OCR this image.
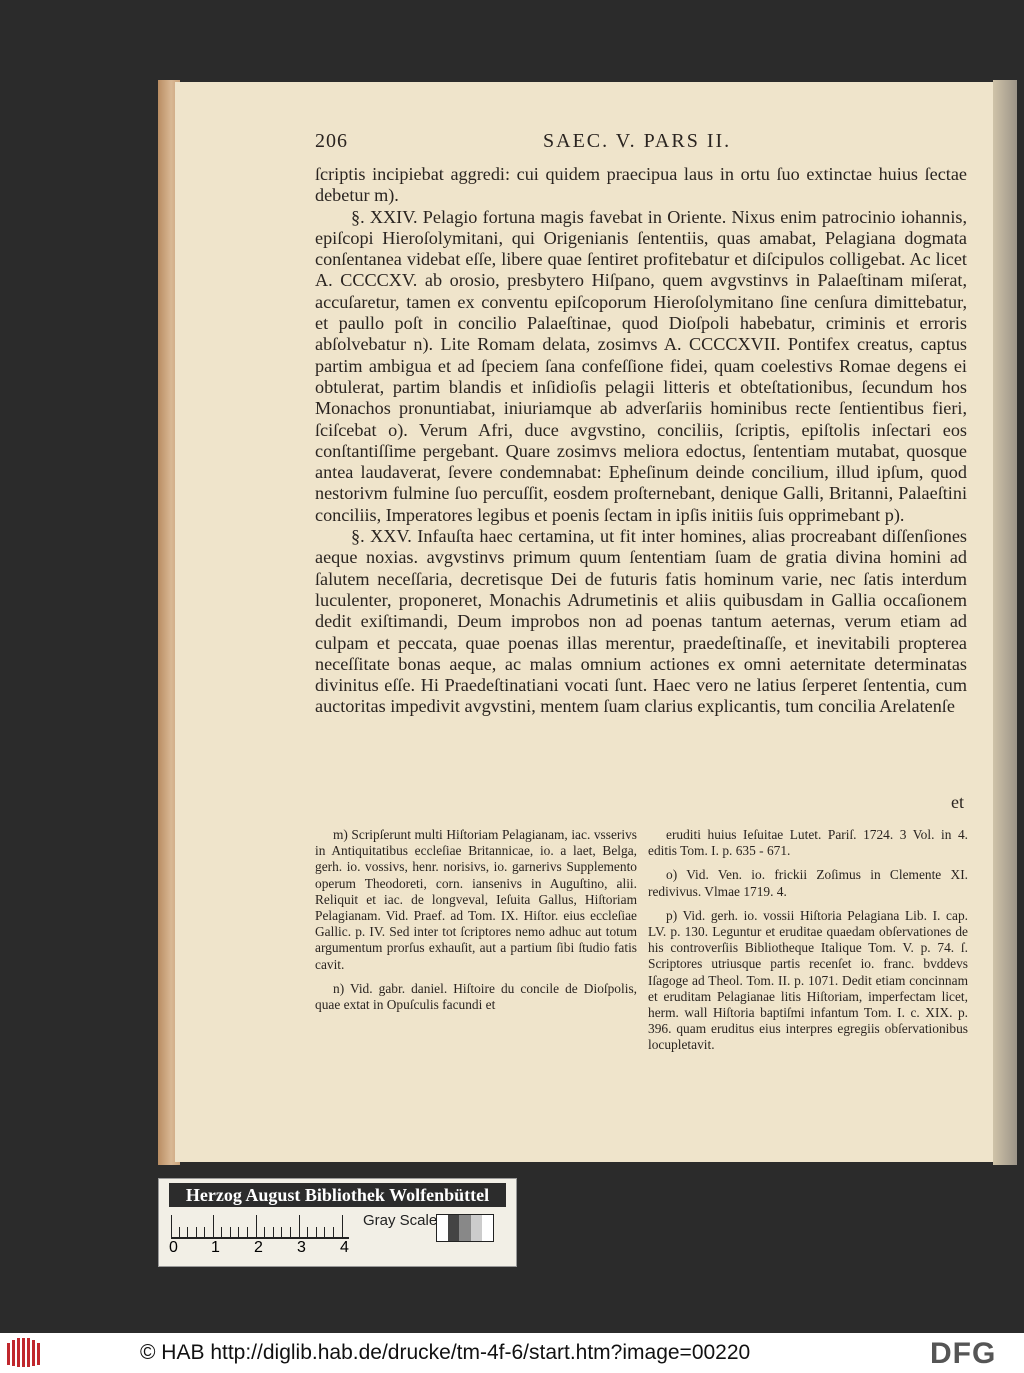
206	SAEC. V. PARS II.

ſcriptis incipiebat aggredi: cui quidem praecipua laus in ortu ſuo extinctae huius ſectae debetur m).

§. XXIV. Pelagio fortuna magis favebat in Oriente. Nixus enim patrocinio iohannis, epiſcopi Hieroſolymitani, qui Origenianis ſententiis, quas amabat, Pelagiana dogmata conſentanea videbat eſſe, libere quae ſentiret profitebatur et diſcipulos colligebat. Ac licet A. CCCCXV. ab orosio, presbytero Hiſpano, quem avgvstinvs in Palaeſtinam miſerat, accuſaretur, tamen ex conventu epiſcoporum Hieroſolymitano ſine cenſura dimittebatur, et paullo poſt in concilio Palaeſtinae, quod Dioſpoli habebatur, criminis et erroris abſolvebatur n). Lite Romam delata, zosimvs A. CCCCXVII. Pontifex creatus, captus partim ambigua et ad ſpeciem ſana confeſſione fidei, quam coelestivs Romae degens ei obtulerat, partim blandis et inſidioſis pelagii litteris et obteſtationibus, ſecundum hos Monachos pronuntiabat, iniuriamque ab adverſariis hominibus recte ſentientibus fieri, ſciſcebat o). Verum Afri, duce avgvstino, conciliis, ſcriptis, epiſtolis inſectari eos conſtantiſſime pergebant. Quare zosimvs meliora edoctus, ſententiam mutabat, quosque antea laudaverat, ſevere condemnabat: Epheſinum deinde concilium, illud ipſum, quod nestorivm fulmine ſuo percuſſit, eosdem proſternebant, denique Galli, Britanni, Palaeſtini conciliis, Imperatores legibus et poenis ſectam in ipſis initiis ſuis opprimebant p).

§. XXV. Infauſta haec certamina, ut fit inter homines, alias procreabant diſſenſiones aeque noxias. avgvstinvs primum quum ſententiam ſuam de gratia divina homini ad ſalutem neceſſaria, decretisque Dei de futuris fatis hominum varie, nec ſatis interdum luculenter, proponeret, Monachis Adrumetinis et aliis quibusdam in Gallia occaſionem dedit exiſtimandi, Deum improbos non ad poenas tantum aeternas, verum etiam ad culpam et peccata, quae poenas illas merentur, praedeſtinaſſe, et inevitabili propterea neceſſitate bonas aeque, ac malas omnium actiones ex omni aeternitate determinatas divinitus eſſe. Hi Praedeſtinatiani vocati ſunt. Haec vero ne latius ſerperet ſententia, cum auctoritas impedivit avgvstini, mentem ſuam clarius explicantis, tum concilia Arelatenſe

et

m) Scripſerunt multi Hiſtoriam Pelagianam, iac. vsserivs in Antiquitatibus eccleſiae Britannicae, io. a laet, Belga, gerh. io. vossivs, henr. norisivs, io. garnerivs Supplemento operum Theodoreti, corn. iansenivs in Auguſtino, alii. Reliquit et iac. de longveval, Ieſuita Gallus, Hiſtoriam Pelagianam. Vid. Praef. ad Tom. IX. Hiſtor. eius eccleſiae Gallic. p. IV. Sed inter tot ſcriptores nemo adhuc aut totum argumentum prorſus exhauſit, aut a partium ſibi ſtudio fatis cavit.

n) Vid. gabr. daniel. Hiſtoire du concile de Dioſpolis, quae extat in Opuſculis facundi et

eruditi huius Ieſuitae Lutet. Pariſ. 1724. 3 Vol. in 4. editis Tom. I. p. 635 - 671.

o) Vid. Ven. io. frickii Zoſimus in Clemente XI. redivivus. Vlmae 1719. 4.

p) Vid. gerh. io. vossii Hiſtoria Pelagiana Lib. I. cap. LV. p. 130. Leguntur et eruditae quaedam obſervationes de his controverſiis Bibliotheque Italique Tom. V. p. 74. ſ. Scriptores utriusque partis recenſet io. franc. bvddevs Iſagoge ad Theol. Tom. II. p. 1071. Dedit etiam concinnam et eruditam Pelagianae litis Hiſtoriam, imperfectam licet, herm. wall Hiſtoria baptiſmi infantum Tom. I. c. XIX. p. 396. quam eruditus eius interpres egregiis obſervationibus locupletavit.

Herzog August Bibliothek Wolfenbüttel
0 1 2 3 4
Gray Scale
© HAB http://diglib.hab.de/drucke/tm-4f-6/start.htm?image=00220	DFG
